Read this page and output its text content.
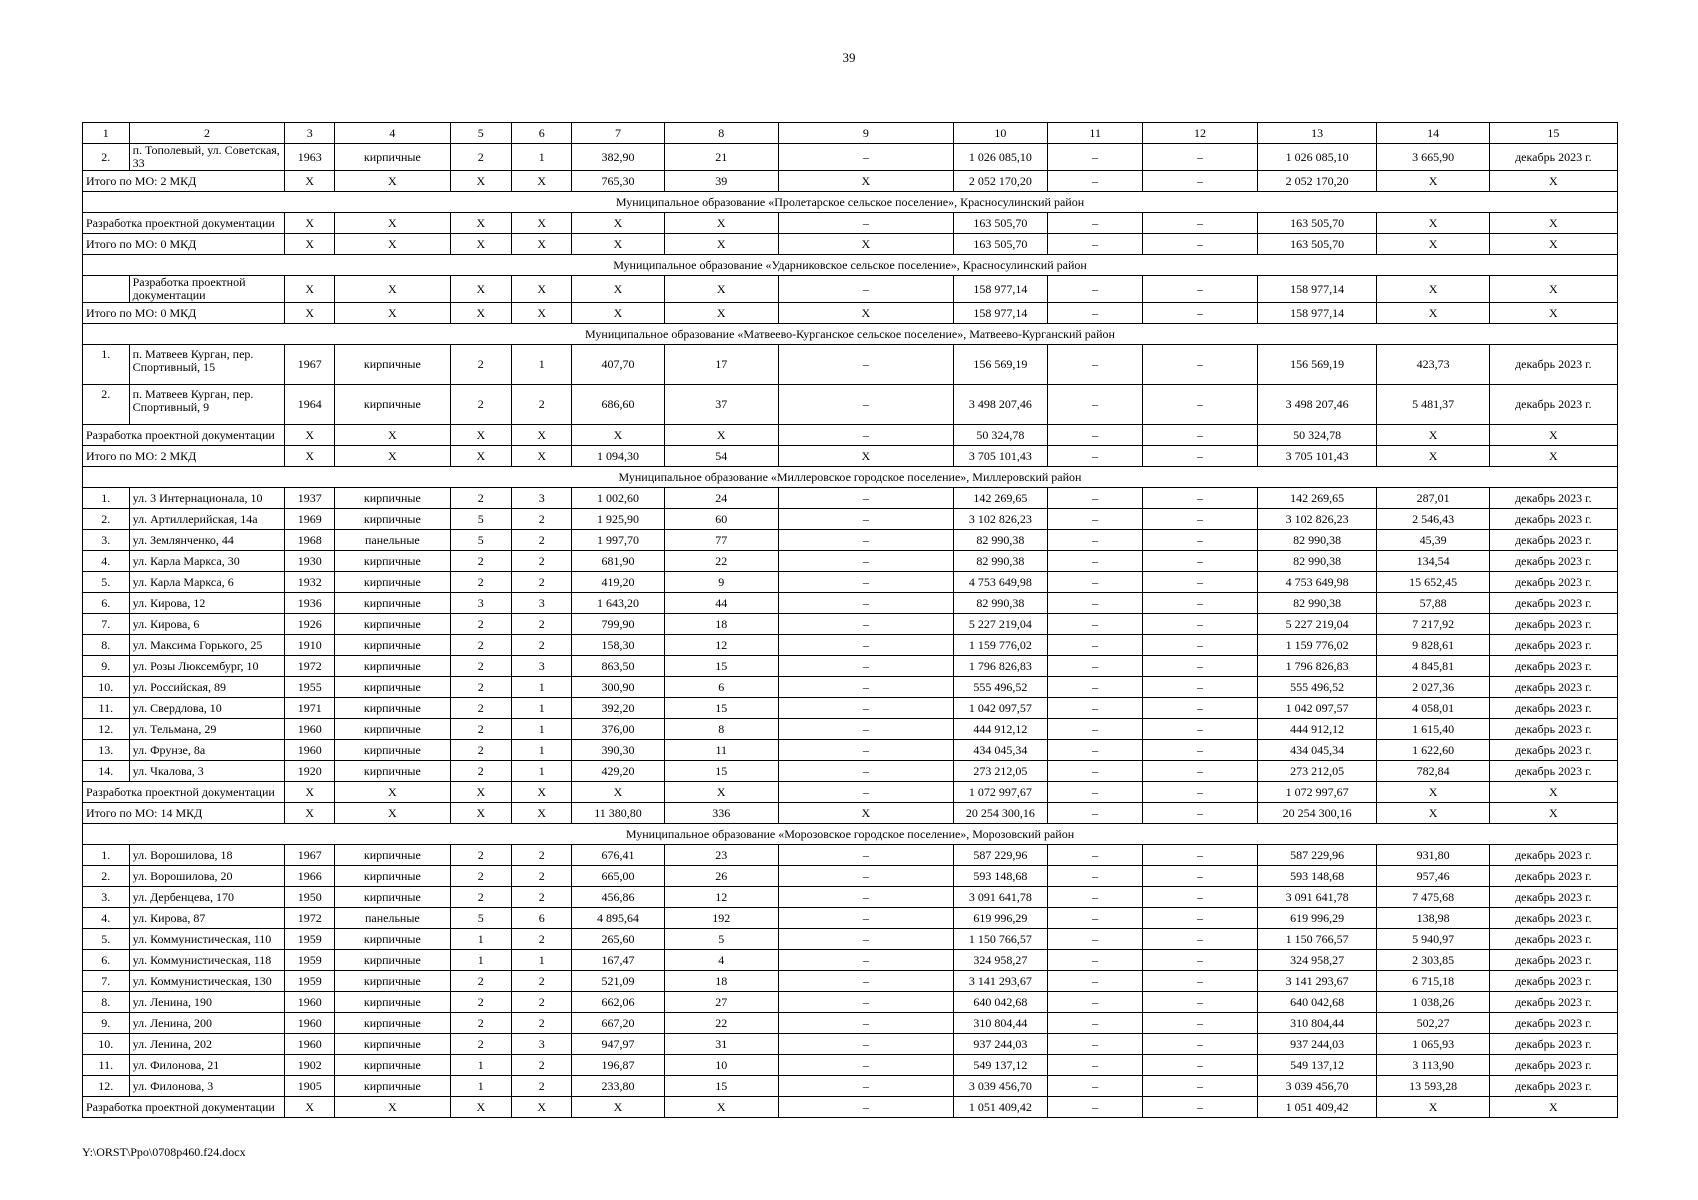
39
1	2	3	4	5	6	7	8	9	10	11	12	13	14	15
2.	п. Тополевый, ул. Советская, 33	1963	кирпичные	2	1	382,90	21	–	1 026 085,10	–	–	1 026 085,10	3 665,90	декабрь 2023 г.
Итого по МО: 2 МКД		X	X	X	X	765,30	39	X	2 052 170,20	–	–	2 052 170,20	X	X
Муниципальное образование «Пролетарское сельское поселение», Красносулинский район														
Разработка проектной документации		X	X	X	X	X	X	–	163 505,70	–	–	163 505,70	X	X
Итого по МО: 0 МКД		X	X	X	X	X	X	X	163 505,70	–	–	163 505,70	X	X
Муниципальное образование «Ударниковское сельское поселение», Красносулинский район														
	Разработка проектной документации	X	X	X	X	X	X	–	158 977,14	–	–	158 977,14	X	X
Итого по МО: 0 МКД		X	X	X	X	X	X	X	158 977,14	–	–	158 977,14	X	X
Муниципальное образование «Матвеево-Курганское сельское поселение», Матвеево-Курганский район														
1.	п. Матвеев Курган, пер. Спортивный, 15	1967	кирпичные	2	1	407,70	17	–	156 569,19	–	–	156 569,19	423,73	декабрь 2023 г.
2.	п. Матвеев Курган, пер. Спортивный, 9	1964	кирпичные	2	2	686,60	37	–	3 498 207,46	–	–	3 498 207,46	5 481,37	декабрь 2023 г.
Разработка проектной документации		X	X	X	X	X	X	–	50 324,78	–	–	50 324,78	X	X
Итого по МО: 2 МКД		X	X	X	X	1 094,30	54	X	3 705 101,43	–	–	3 705 101,43	X	X
Муниципальное образование «Миллеровское городское поселение», Миллеровский район														
1.	ул. 3 Интернационала, 10	1937	кирпичные	2	3	1 002,60	24	–	142 269,65	–	–	142 269,65	287,01	декабрь 2023 г.
2.	ул. Артиллерийская, 14а	1969	кирпичные	5	2	1 925,90	60	–	3 102 826,23	–	–	3 102 826,23	2 546,43	декабрь 2023 г.
3.	ул. Землянченко, 44	1968	панельные	5	2	1 997,70	77	–	82 990,38	–	–	82 990,38	45,39	декабрь 2023 г.
4.	ул. Карла Маркса, 30	1930	кирпичные	2	2	681,90	22	–	82 990,38	–	–	82 990,38	134,54	декабрь 2023 г.
5.	ул. Карла Маркса, 6	1932	кирпичные	2	2	419,20	9	–	4 753 649,98	–	–	4 753 649,98	15 652,45	декабрь 2023 г.
6.	ул. Кирова, 12	1936	кирпичные	3	3	1 643,20	44	–	82 990,38	–	–	82 990,38	57,88	декабрь 2023 г.
7.	ул. Кирова, 6	1926	кирпичные	2	2	799,90	18	–	5 227 219,04	–	–	5 227 219,04	7 217,92	декабрь 2023 г.
8.	ул. Максима Горького, 25	1910	кирпичные	2	2	158,30	12	–	1 159 776,02	–	–	1 159 776,02	9 828,61	декабрь 2023 г.
9.	ул. Розы Люксембург, 10	1972	кирпичные	2	3	863,50	15	–	1 796 826,83	–	–	1 796 826,83	4 845,81	декабрь 2023 г.
10.	ул. Российская, 89	1955	кирпичные	2	1	300,90	6	–	555 496,52	–	–	555 496,52	2 027,36	декабрь 2023 г.
11.	ул. Свердлова, 10	1971	кирпичные	2	1	392,20	15	–	1 042 097,57	–	–	1 042 097,57	4 058,01	декабрь 2023 г.
12.	ул. Тельмана, 29	1960	кирпичные	2	1	376,00	8	–	444 912,12	–	–	444 912,12	1 615,40	декабрь 2023 г.
13.	ул. Фрунзе, 8а	1960	кирпичные	2	1	390,30	11	–	434 045,34	–	–	434 045,34	1 622,60	декабрь 2023 г.
14.	ул. Чкалова, 3	1920	кирпичные	2	1	429,20	15	–	273 212,05	–	–	273 212,05	782,84	декабрь 2023 г.
Разработка проектной документации		X	X	X	X	X	X	–	1 072 997,67	–	–	1 072 997,67	X	X
Итого по МО: 14 МКД		X	X	X	X	11 380,80	336	X	20 254 300,16	–	–	20 254 300,16	X	X
Муниципальное образование «Морозовское городское поселение», Морозовский район														
1.	ул. Ворошилова, 18	1967	кирпичные	2	2	676,41	23	–	587 229,96	–	–	587 229,96	931,80	декабрь 2023 г.
2.	ул. Ворошилова, 20	1966	кирпичные	2	2	665,00	26	–	593 148,68	–	–	593 148,68	957,46	декабрь 2023 г.
3.	ул. Дербенцева, 170	1950	кирпичные	2	2	456,86	12	–	3 091 641,78	–	–	3 091 641,78	7 475,68	декабрь 2023 г.
4.	ул. Кирова, 87	1972	панельные	5	6	4 895,64	192	–	619 996,29	–	–	619 996,29	138,98	декабрь 2023 г.
5.	ул. Коммунистическая, 110	1959	кирпичные	1	2	265,60	5	–	1 150 766,57	–	–	1 150 766,57	5 940,97	декабрь 2023 г.
6.	ул. Коммунистическая, 118	1959	кирпичные	1	1	167,47	4	–	324 958,27	–	–	324 958,27	2 303,85	декабрь 2023 г.
7.	ул. Коммунистическая, 130	1959	кирпичные	2	2	521,09	18	–	3 141 293,67	–	–	3 141 293,67	6 715,18	декабрь 2023 г.
8.	ул. Ленина, 190	1960	кирпичные	2	2	662,06	27	–	640 042,68	–	–	640 042,68	1 038,26	декабрь 2023 г.
9.	ул. Ленина, 200	1960	кирпичные	2	2	667,20	22	–	310 804,44	–	–	310 804,44	502,27	декабрь 2023 г.
10.	ул. Ленина, 202	1960	кирпичные	2	3	947,97	31	–	937 244,03	–	–	937 244,03	1 065,93	декабрь 2023 г.
11.	ул. Филонова, 21	1902	кирпичные	1	2	196,87	10	–	549 137,12	–	–	549 137,12	3 113,90	декабрь 2023 г.
12.	ул. Филонова, 3	1905	кирпичные	1	2	233,80	15	–	3 039 456,70	–	–	3 039 456,70	13 593,28	декабрь 2023 г.
Разработка проектной документации		X	X	X	X	X	X	–	1 051 409,42	–	–	1 051 409,42	X	X
Y:\ORST\Ppo\0708p460.f24.docx
